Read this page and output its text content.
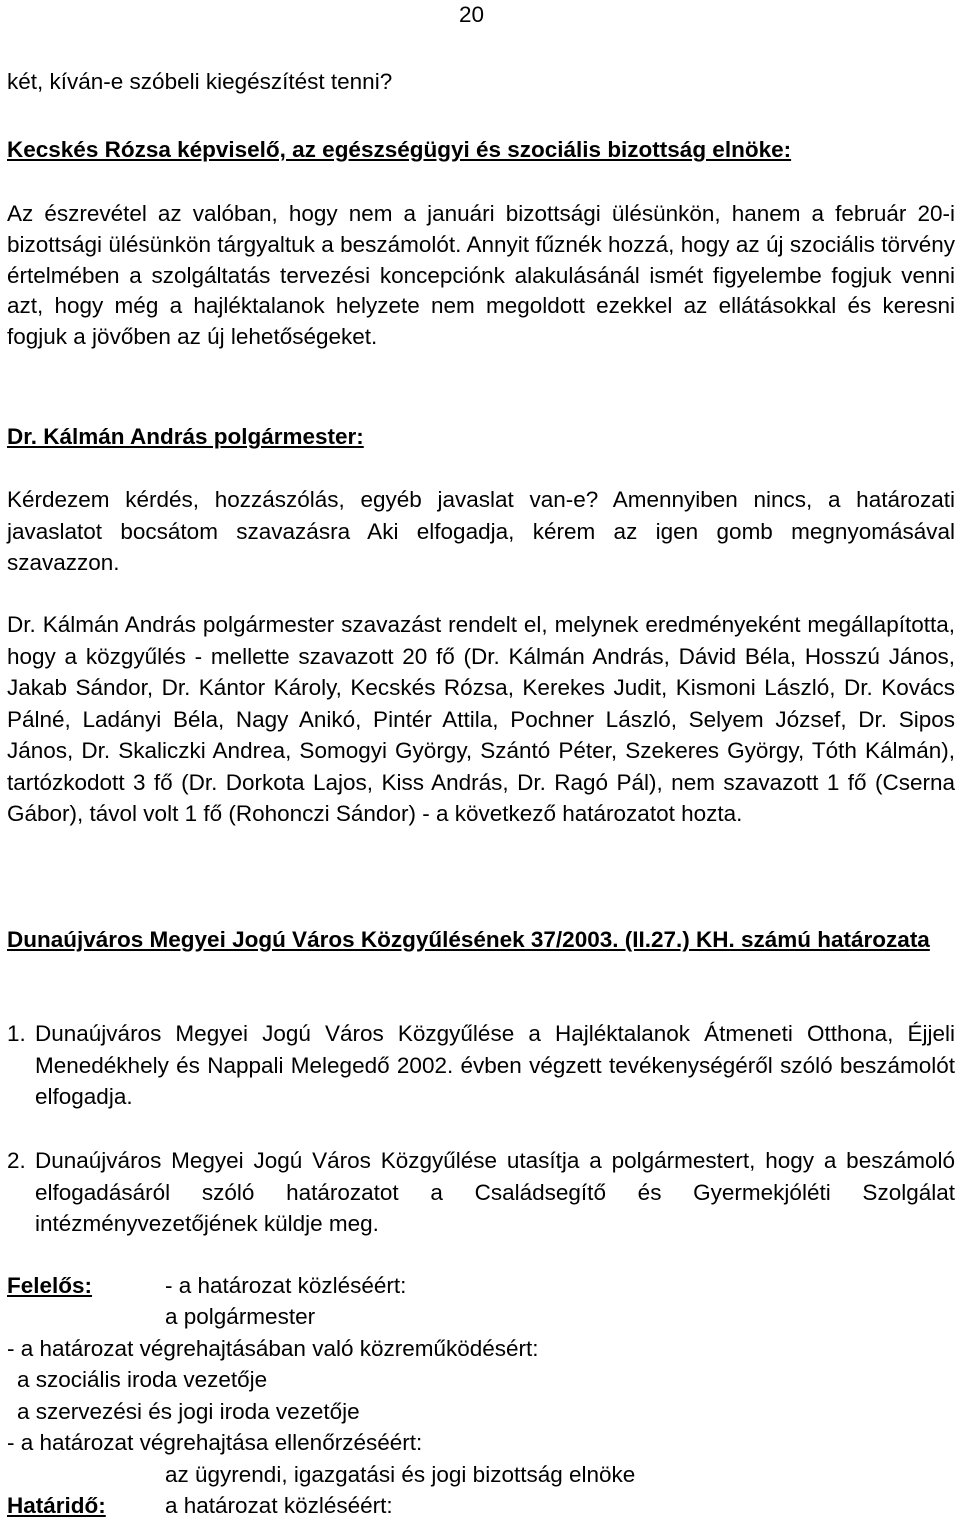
20
két, kíván-e szóbeli kiegészítést tenni?
Kecskés Rózsa képviselő, az egészségügyi és szociális bizottság elnöke:
Az észrevétel az valóban, hogy nem a januári bizottsági ülésünkön, hanem a február 20-i bizottsági ülésünkön tárgyaltuk a beszámolót. Annyit fűznék hozzá, hogy az új szociális törvény értelmében a szolgáltatás tervezési koncepciónk alakulásánál ismét figyelembe fogjuk venni azt, hogy még a hajléktalanok helyzete nem megoldott ezekkel az ellátásokkal és keresni fogjuk a jövőben az új lehetőségeket.
Dr. Kálmán András polgármester:
Kérdezem kérdés, hozzászólás, egyéb javaslat van-e? Amennyiben nincs, a határozati javaslatot bocsátom szavazásra Aki elfogadja, kérem az igen gomb megnyomásával szavazzon.
Dr. Kálmán András polgármester szavazást rendelt el, melynek eredményeként megállapította, hogy a közgyűlés - mellette szavazott 20 fő (Dr. Kálmán András, Dávid Béla, Hosszú János, Jakab Sándor, Dr. Kántor Károly, Kecskés Rózsa, Kerekes Judit, Kismoni László, Dr. Kovács Pálné, Ladányi Béla, Nagy Anikó, Pintér Attila, Pochner László, Selyem József, Dr. Sipos János, Dr. Skaliczki Andrea, Somogyi György, Szántó Péter, Szekeres György, Tóth Kálmán), tartózkodott 3 fő (Dr. Dorkota Lajos, Kiss András, Dr. Ragó Pál), nem szavazott 1 fő (Cserna Gábor), távol volt 1 fő (Rohonczi Sándor) - a következő határozatot hozta.
Dunaújváros Megyei Jogú Város Közgyűlésének 37/2003. (II.27.) KH. számú határozata
1. Dunaújváros Megyei Jogú Város Közgyűlése a Hajléktalanok Átmeneti Otthona, Éjjeli Menedékhely és Nappali Melegedő 2002. évben végzett tevékenységéről szóló beszámolót elfogadja.
2. Dunaújváros Megyei Jogú Város Közgyűlése utasítja a polgármestert, hogy a beszámoló elfogadásáról szóló határozatot a Családsegítő és Gyermekjóléti Szolgálat intézményvezetőjének küldje meg.
Felelős:	- a határozat közléséért:
a polgármester
- a határozat végrehajtásában való közreműködésért:
a szociális iroda vezetője
a szervezési és jogi iroda vezetője
- a határozat végrehajtása ellenőrzéséért:
az ügyrendi, igazgatási és jogi bizottság elnöke
Határidő:	a határozat közléséért:
